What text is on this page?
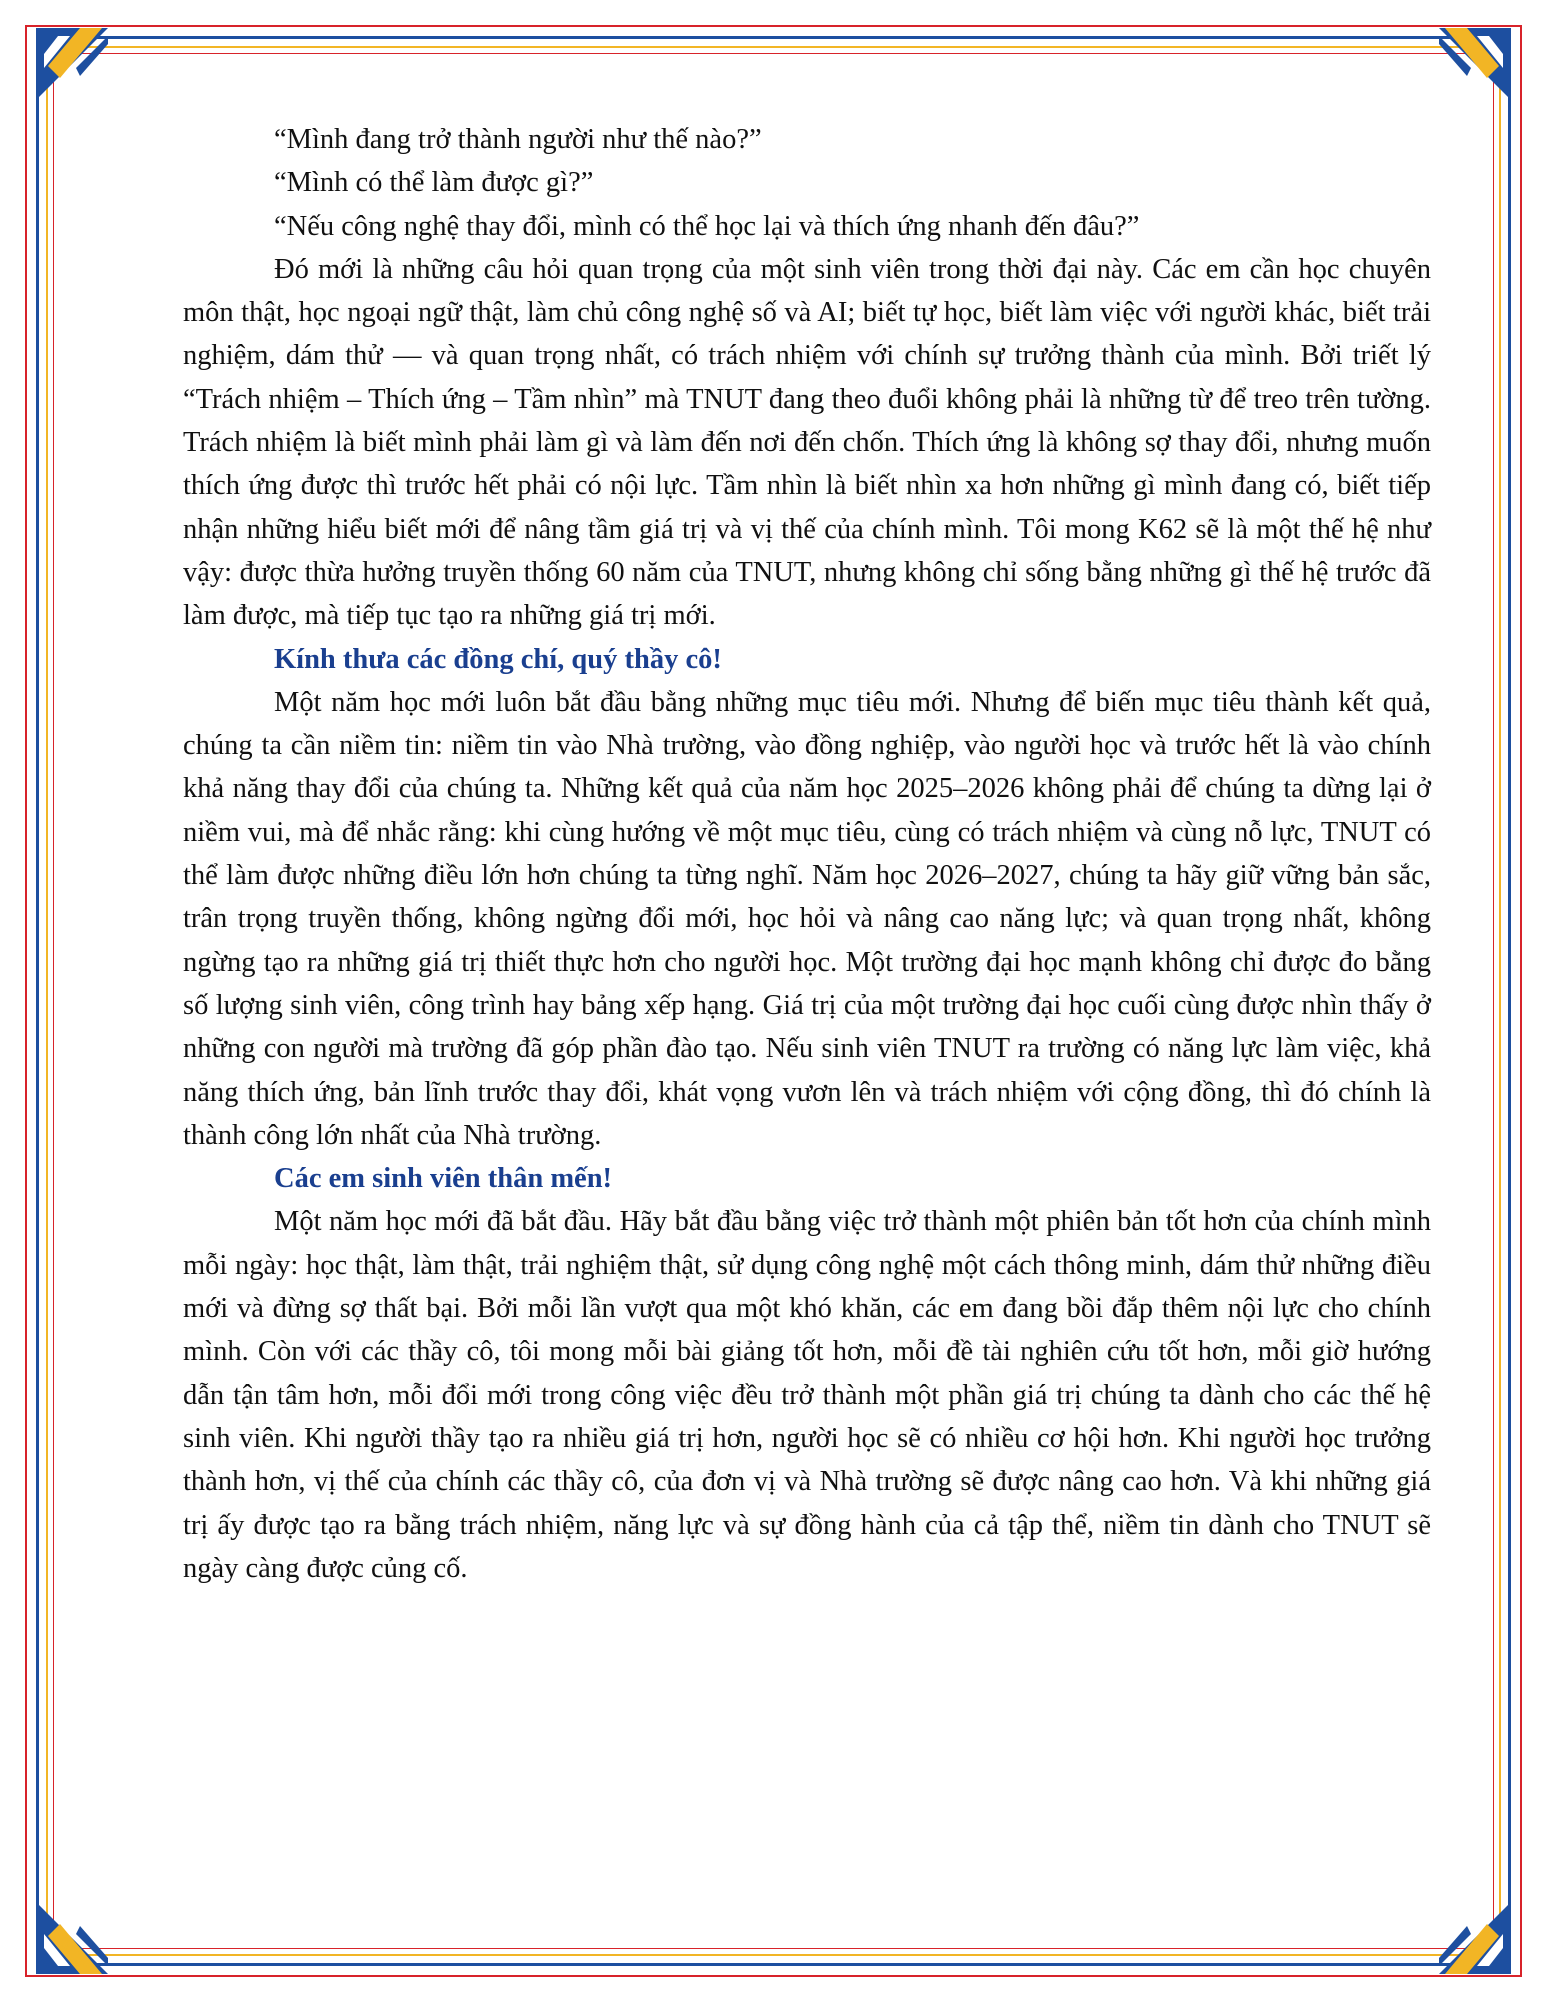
“Mình đang trở thành người như thế nào?”

“Mình có thể làm được gì?”

“Nếu công nghệ thay đổi, mình có thể học lại và thích ứng nhanh đến đâu?”

Đó mới là những câu hỏi quan trọng của một sinh viên trong thời đại này. Các em cần học chuyên môn thật, học ngoại ngữ thật, làm chủ công nghệ số và AI; biết tự học, biết làm việc với người khác, biết trải nghiệm, dám thử — và quan trọng nhất, có trách nhiệm với chính sự trưởng thành của mình. Bởi triết lý “Trách nhiệm – Thích ứng – Tầm nhìn” mà TNUT đang theo đuổi không phải là những từ để treo trên tường. Trách nhiệm là biết mình phải làm gì và làm đến nơi đến chốn. Thích ứng là không sợ thay đổi, nhưng muốn thích ứng được thì trước hết phải có nội lực. Tầm nhìn là biết nhìn xa hơn những gì mình đang có, biết tiếp nhận những hiểu biết mới để nâng tầm giá trị và vị thế của chính mình. Tôi mong K62 sẽ là một thế hệ như vậy: được thừa hưởng truyền thống 60 năm của TNUT, nhưng không chỉ sống bằng những gì thế hệ trước đã làm được, mà tiếp tục tạo ra những giá trị mới.

Kính thưa các đồng chí, quý thầy cô!

Một năm học mới luôn bắt đầu bằng những mục tiêu mới. Nhưng để biến mục tiêu thành kết quả, chúng ta cần niềm tin: niềm tin vào Nhà trường, vào đồng nghiệp, vào người học và trước hết là vào chính khả năng thay đổi của chúng ta. Những kết quả của năm học 2025–2026 không phải để chúng ta dừng lại ở niềm vui, mà để nhắc rằng: khi cùng hướng về một mục tiêu, cùng có trách nhiệm và cùng nỗ lực, TNUT có thể làm được những điều lớn hơn chúng ta từng nghĩ. Năm học 2026–2027, chúng ta hãy giữ vững bản sắc, trân trọng truyền thống, không ngừng đổi mới, học hỏi và nâng cao năng lực; và quan trọng nhất, không ngừng tạo ra những giá trị thiết thực hơn cho người học. Một trường đại học mạnh không chỉ được đo bằng số lượng sinh viên, công trình hay bảng xếp hạng. Giá trị của một trường đại học cuối cùng được nhìn thấy ở những con người mà trường đã góp phần đào tạo. Nếu sinh viên TNUT ra trường có năng lực làm việc, khả năng thích ứng, bản lĩnh trước thay đổi, khát vọng vươn lên và trách nhiệm với cộng đồng, thì đó chính là thành công lớn nhất của Nhà trường.

Các em sinh viên thân mến!

Một năm học mới đã bắt đầu. Hãy bắt đầu bằng việc trở thành một phiên bản tốt hơn của chính mình mỗi ngày: học thật, làm thật, trải nghiệm thật, sử dụng công nghệ một cách thông minh, dám thử những điều mới và đừng sợ thất bại. Bởi mỗi lần vượt qua một khó khăn, các em đang bồi đắp thêm nội lực cho chính mình. Còn với các thầy cô, tôi mong mỗi bài giảng tốt hơn, mỗi đề tài nghiên cứu tốt hơn, mỗi giờ hướng dẫn tận tâm hơn, mỗi đổi mới trong công việc đều trở thành một phần giá trị chúng ta dành cho các thế hệ sinh viên. Khi người thầy tạo ra nhiều giá trị hơn, người học sẽ có nhiều cơ hội hơn. Khi người học trưởng thành hơn, vị thế của chính các thầy cô, của đơn vị và Nhà trường sẽ được nâng cao hơn. Và khi những giá trị ấy được tạo ra bằng trách nhiệm, năng lực và sự đồng hành của cả tập thể, niềm tin dành cho TNUT sẽ ngày càng được củng cố.
